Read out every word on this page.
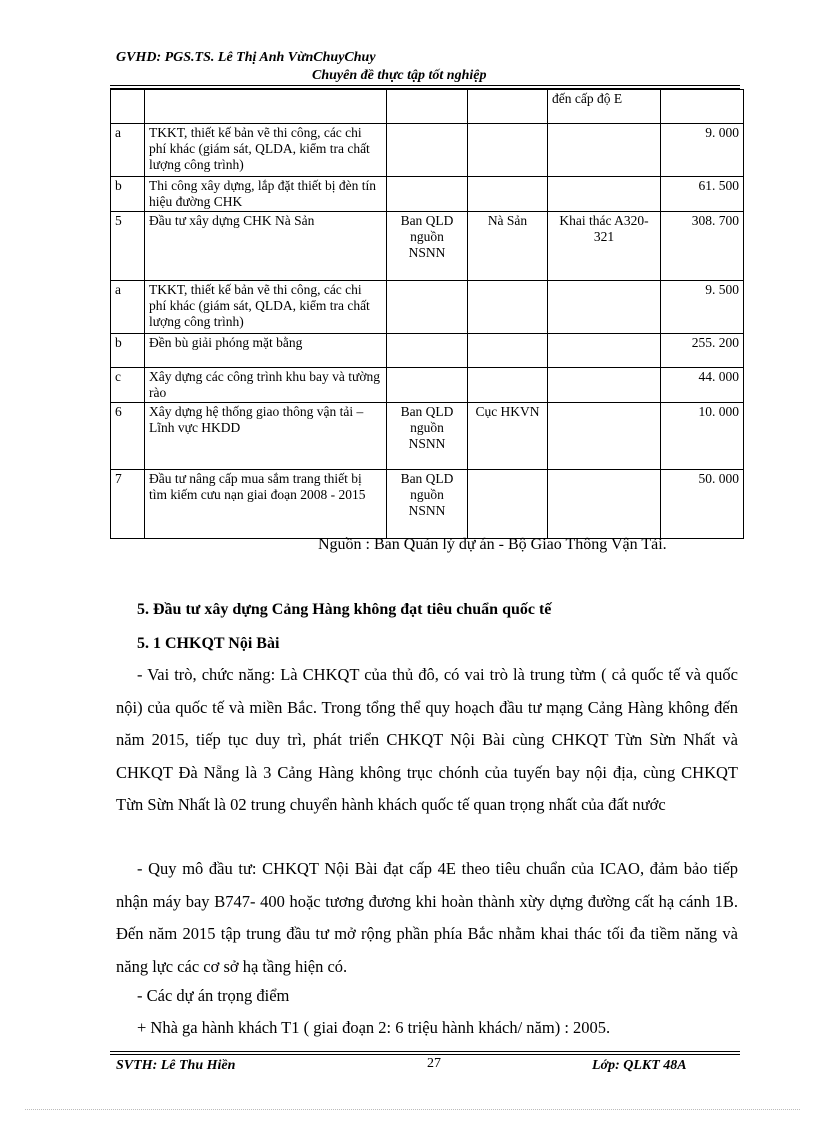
GVHD: PGS.TS. Lê Thị Anh VừnChuyChuy
Chuyên đề thực tập tốt nghiệp
				đến cấp độ E	
a	TKKT, thiết kế bản vẽ thi công, các chi phí khác (giám sát, QLDA, kiểm tra chất lượng công trình)				9. 000
b	Thi công xây dựng, lắp đặt thiết bị đèn tín hiệu đường CHK				61. 500
5	Đầu tư xây dựng CHK Nà Sản	Ban QLD nguồn NSNN	Nà Sản	Khai thác A320- 321	308. 700
a	TKKT, thiết kế bản vẽ thi công, các chi phí khác (giám sát, QLDA, kiểm tra chất lượng công trình)				9. 500
b	Đền bù giải phóng mặt bằng				255. 200
c	Xây dựng các công trình khu bay và tường rào				44. 000
6	Xây dựng hệ thống giao thông vận tải – Lĩnh vực HKDD	Ban QLD nguồn NSNN	Cục HKVN		10. 000
7	Đầu tư nâng cấp mua sắm trang thiết bị tìm kiếm cưu nạn giai đoạn 2008 - 2015	Ban QLD nguồn NSNN			50. 000
Nguồn : Ban Quản lý dự án - Bộ Giao Thông Vận Tải.
5. Đầu tư xây dựng Cảng Hàng không đạt tiêu chuẩn quốc tế
5. 1 CHKQT Nội Bài

- Vai trò, chức năng: Là CHKQT của thủ đô, có vai trò là trung từm ( cả quốc tế và quốc nội) của quốc tế và miền Bắc. Trong tổng thể quy hoạch đầu tư mạng Cảng Hàng không đến năm 2015, tiếp tục duy trì, phát triển CHKQT Nội Bài cùng CHKQT Từn Sừn Nhất và CHKQT Đà Nẵng là 3 Cảng Hàng không trục chónh của tuyến bay nội địa, cùng CHKQT Từn Sừn Nhất là 02 trung chuyển hành khách quốc tế quan trọng nhất của đất nước

- Quy mô đầu tư: CHKQT Nội Bài đạt cấp 4E theo tiêu chuẩn của ICAO, đảm bảo tiếp nhận máy bay B747- 400 hoặc tương đương khi hoàn thành xừy dựng đường cất hạ cánh 1B. Đến năm 2015 tập trung đầu tư mở rộng phần phía Bắc nhằm khai thác tối đa tiềm năng và năng lực các cơ sở hạ tầng hiện có.

- Các dự án trọng điểm
+ Nhà ga hành khách T1 ( giai đoạn 2: 6 triệu hành khách/ năm) : 2005.
SVTH: Lê Thu Hiền	27	Lớp: QLKT 48A
